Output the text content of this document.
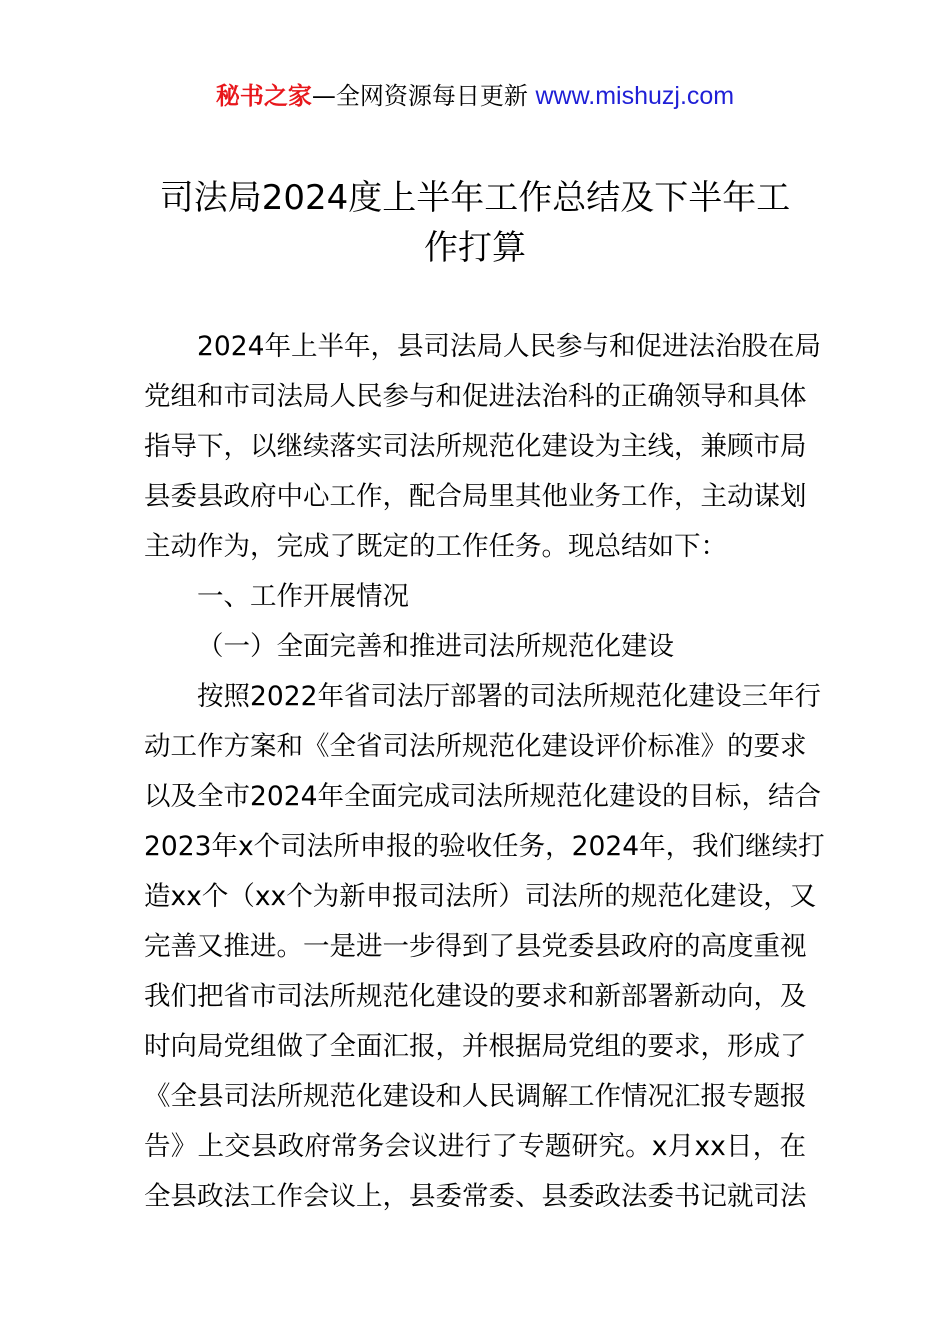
秘书之家—全网资源每日更新 www.mishuzj.com
司法局2024度上半年工作总结及下半年工
作打算
2024年上半年，县司法局人民参与和促进法治股在局
党组和市司法局人民参与和促进法治科的正确领导和具体
指导下，以继续落实司法所规范化建设为主线，兼顾市局
县委县政府中心工作，配合局里其他业务工作，主动谋划
主动作为，完成了既定的工作任务。现总结如下：
一、工作开展情况
（一）全面完善和推进司法所规范化建设
按照2022年省司法厅部署的司法所规范化建设三年行
动工作方案和《全省司法所规范化建设评价标准》的要求
以及全市2024年全面完成司法所规范化建设的目标，结合
2023年x个司法所申报的验收任务，2024年，我们继续打
造xx个（xx个为新申报司法所）司法所的规范化建设，又
完善又推进。一是进一步得到了县党委县政府的高度重视
我们把省市司法所规范化建设的要求和新部署新动向，及
时向局党组做了全面汇报，并根据局党组的要求，形成了
《全县司法所规范化建设和人民调解工作情况汇报专题报
告》上交县政府常务会议进行了专题研究。x月xx日，在
全县政法工作会议上，县委常委、县委政法委书记就司法
